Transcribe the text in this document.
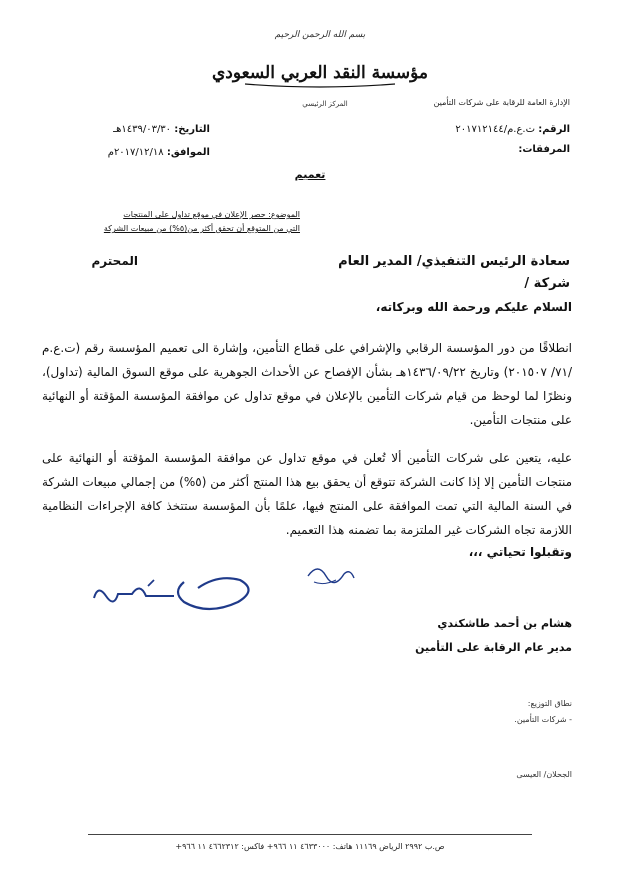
بسم الله الرحمن الرحيم
مؤسسة النقد العربي السعودي
المركز الرئيسي	الإدارة العامة للرقابة على شركات التأمين
الرقم: ت.ع.م/٢٠١٧١٢١٤٤
المرفقات:
التاريخ: ١٤٣٩/٠٣/٣٠هـ
الموافق: ٢٠١٧/١٢/١٨م
تعميم
الموضوع: حصر الإعلان في موقع تداول على المنتجات
التي من المتوقع أن تحقق أكثر من(٥%) من مبيعات الشركة
سعادة الرئيس التنفيذي/ المدير العام
شركة /
المحترم
السلام عليكم ورحمة الله وبركاته،
انطلاقًا من دور المؤسسة الرقابي والإشرافي على قطاع التأمين، وإشارة الى تعميم المؤسسة رقم (ت.ع.م /٧١/ ٢٠١٥٠٧) وتاريخ ١٤٣٦/٠٩/٢٢هـ بشأن الإفصاح عن الأحداث الجوهرية على موقع السوق المالية (تداول)، ونظرًا لما لوحظ من قيام شركات التأمين بالإعلان في موقع تداول عن موافقة المؤسسة المؤقتة أو النهائية على منتجات التأمين.
عليه، يتعين على شركات التأمين ألا تُعلن في موقع تداول عن موافقة المؤسسة المؤقتة أو النهائية على منتجات التأمين إلا إذا كانت الشركة تتوقع أن يحقق بيع هذا المنتج أكثر من (٥%) من إجمالي مبيعات الشركة في السنة المالية التي تمت الموافقة على المنتج فيها، علمًا بأن المؤسسة ستتخذ كافة الإجراءات النظامية اللازمة تجاه الشركات غير الملتزمة بما تضمنه هذا التعميم.
وتقبلوا تحياتي ،،،
هشام بن أحمد طاشكندي
مدير عام الرقابة على التأمين
نطاق التوزيع:
- شركات التأمين.
الجحلان/ العيسى
ص.ب ٢٩٩٢ الرياض ١١١٦٩ هاتف: ٤٦٣٣٠٠٠ ١١ ٩٦٦+ فاكس: ٤٦٦٢٣١٢ ١١ ٩٦٦+
